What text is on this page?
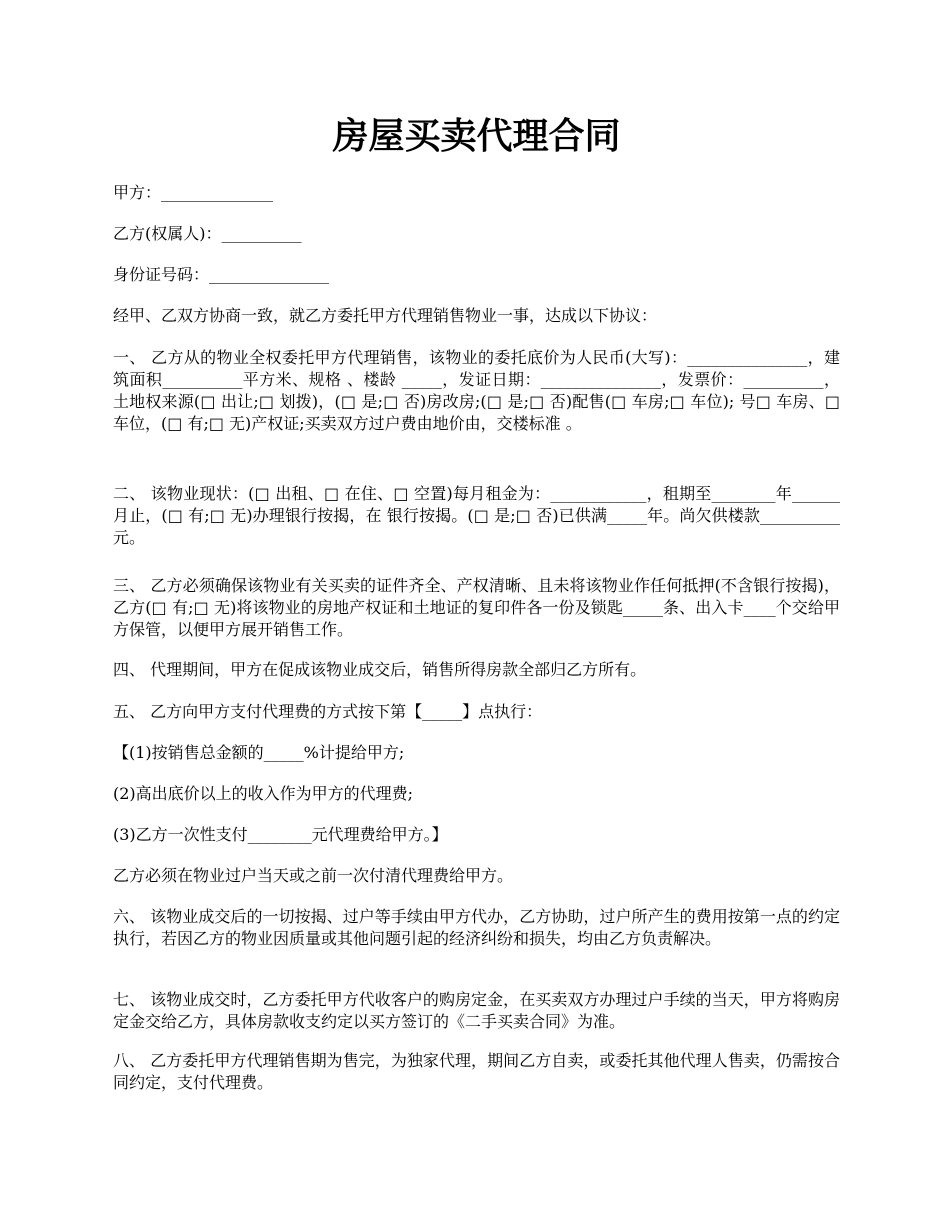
房屋买卖代理合同

甲方：______________

乙方(权属人)：__________

身份证号码：_______________

经甲、乙双方协商一致，就乙方委托甲方代理销售物业一事，达成以下协议：

一、 乙方从的物业全权委托甲方代理销售，该物业的委托底价为人民币(大写)：_______________，建筑面积__________平方米、规格 、楼龄 _____，发证日期：_______________，发票价：__________，土地权来源(□ 出让;□ 划拨)，(□ 是;□ 否)房改房;(□ 是;□ 否)配售(□ 车房;□ 车位); 号□ 车房、□ 车位，(□ 有;□ 无)产权证;买卖双方过户费由地价由，交楼标准 。

二、 该物业现状：(□ 出租、□ 在住、□ 空置)每月租金为：____________，租期至________年______月止，(□ 有;□ 无)办理银行按揭，在 银行按揭。(□ 是;□ 否)已供满_____年。尚欠供楼款__________元。

三、 乙方必须确保该物业有关买卖的证件齐全、产权清晰、且未将该物业作任何抵押(不含银行按揭)，乙方(□ 有;□ 无)将该物业的房地产权证和土地证的复印件各一份及锁匙_____条、出入卡____个交给甲方保管，以便甲方展开销售工作。

四、 代理期间，甲方在促成该物业成交后，销售所得房款全部归乙方所有。

五、 乙方向甲方支付代理费的方式按下第【_____】点执行：

【(1)按销售总金额的_____%计提给甲方;

(2)高出底价以上的收入作为甲方的代理费;

(3)乙方一次性支付________元代理费给甲方。】

乙方必须在物业过户当天或之前一次付清代理费给甲方。

六、 该物业成交后的一切按揭、过户等手续由甲方代办，乙方协助，过户所产生的费用按第一点的约定执行，若因乙方的物业因质量或其他问题引起的经济纠纷和损失，均由乙方负责解决。

七、 该物业成交时，乙方委托甲方代收客户的购房定金，在买卖双方办理过户手续的当天，甲方将购房定金交给乙方，具体房款收支约定以买方签订的《二手买卖合同》为准。

八、 乙方委托甲方代理销售期为售完，为独家代理，期间乙方自卖，或委托其他代理人售卖，仍需按合同约定，支付代理费。
